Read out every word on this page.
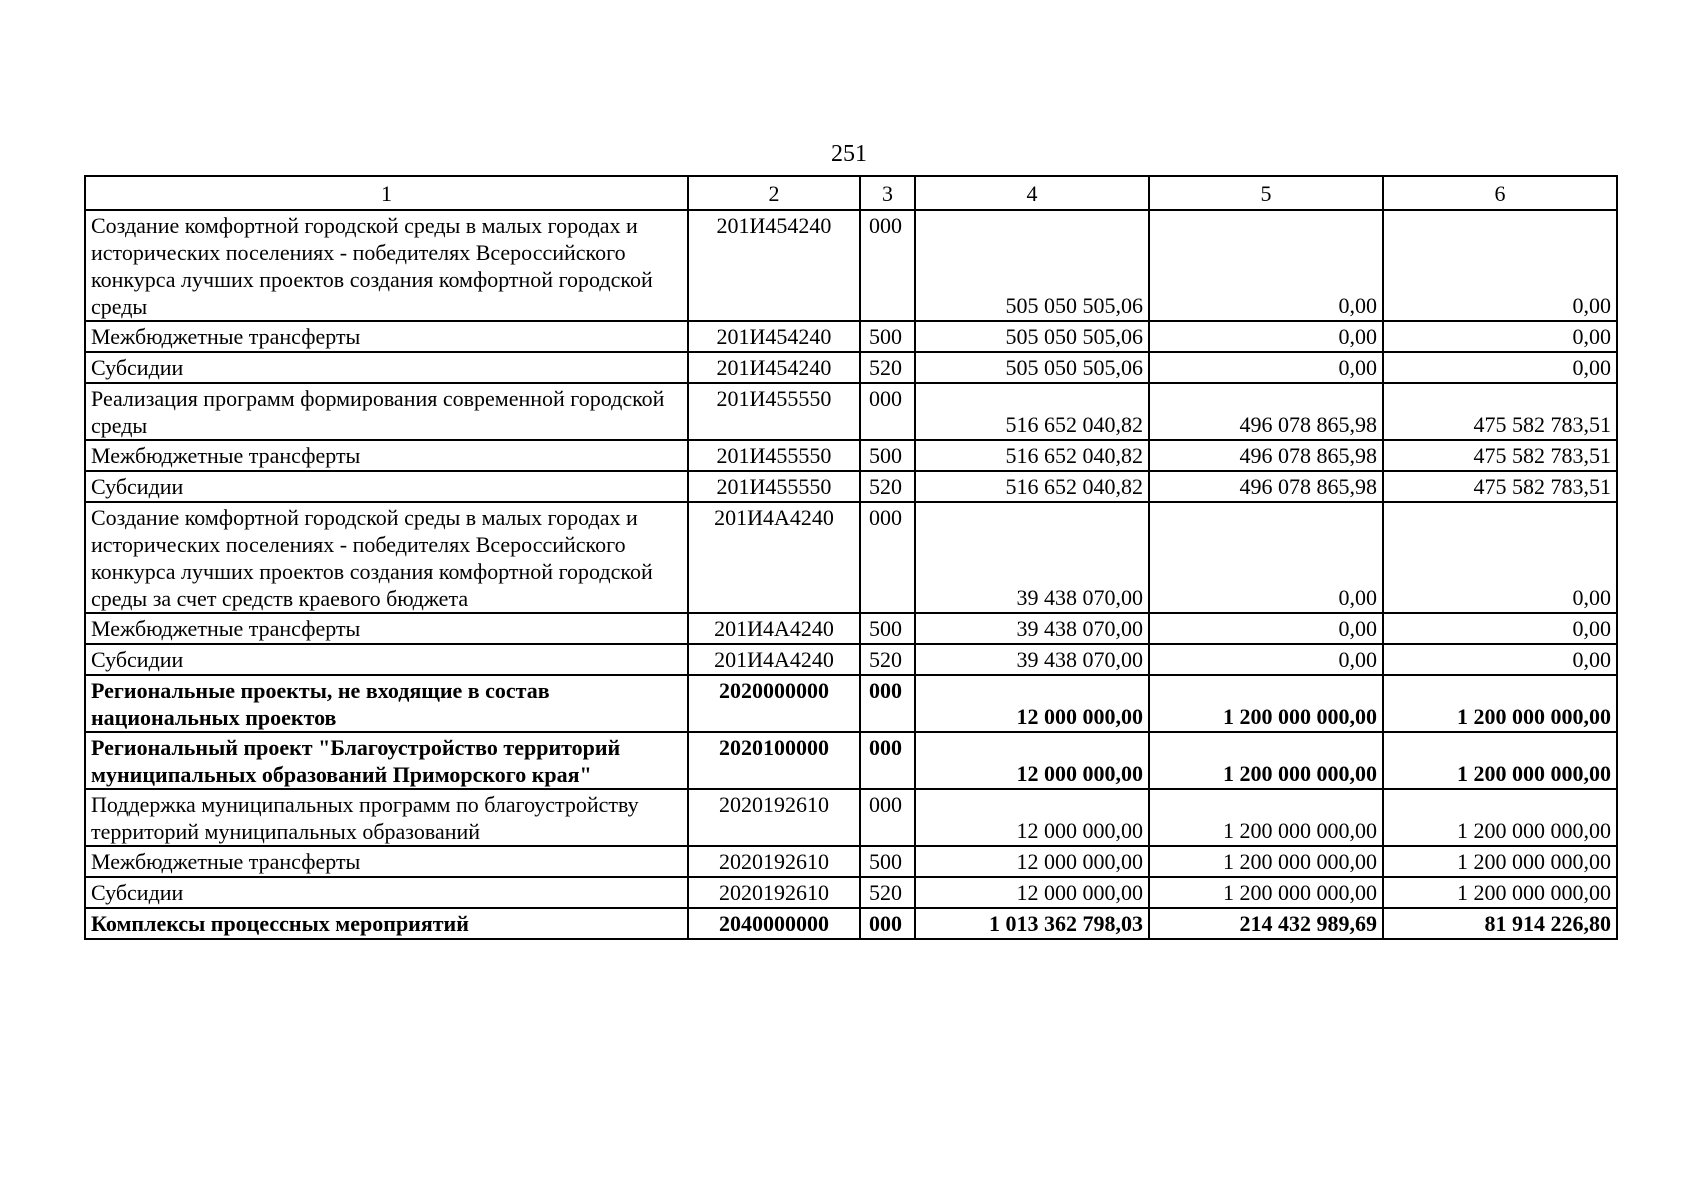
251
1	2	3	4	5	6
Создание комфортной городской среды в малых городах и исторических поселениях - победителях Всероссийского конкурса лучших проектов создания комфортной городской среды	201И454240	000	505 050 505,06	0,00	0,00
Межбюджетные трансферты	201И454240	500	505 050 505,06	0,00	0,00
Субсидии	201И454240	520	505 050 505,06	0,00	0,00
Реализация программ формирования современной городской среды	201И455550	000	516 652 040,82	496 078 865,98	475 582 783,51
Межбюджетные трансферты	201И455550	500	516 652 040,82	496 078 865,98	475 582 783,51
Субсидии	201И455550	520	516 652 040,82	496 078 865,98	475 582 783,51
Создание комфортной городской среды в малых городах и исторических поселениях - победителях Всероссийского конкурса лучших проектов создания комфортной городской среды за счет средств краевого бюджета	201И4А4240	000	39 438 070,00	0,00	0,00
Межбюджетные трансферты	201И4А4240	500	39 438 070,00	0,00	0,00
Субсидии	201И4А4240	520	39 438 070,00	0,00	0,00
Региональные проекты, не входящие в состав национальных проектов	2020000000	000	12 000 000,00	1 200 000 000,00	1 200 000 000,00
Региональный проект "Благоустройство территорий муниципальных образований Приморского края"	2020100000	000	12 000 000,00	1 200 000 000,00	1 200 000 000,00
Поддержка муниципальных программ по благоустройству территорий муниципальных образований	2020192610	000	12 000 000,00	1 200 000 000,00	1 200 000 000,00
Межбюджетные трансферты	2020192610	500	12 000 000,00	1 200 000 000,00	1 200 000 000,00
Субсидии	2020192610	520	12 000 000,00	1 200 000 000,00	1 200 000 000,00
Комплексы процессных мероприятий	2040000000	000	1 013 362 798,03	214 432 989,69	81 914 226,80
